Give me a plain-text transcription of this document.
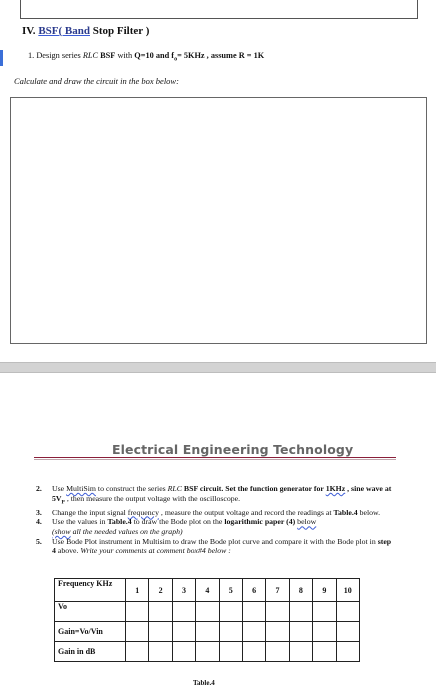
IV. BSF( Band Stop Filter )
1. Design series RLC BSF with Q=10 and $f_o= 5KHz$ , assume R = 1K
Calculate and draw the circuit in the box below:
Electrical Engineering Technology
2. Use MultiSim to construct the series RLC BSF circuit. Set the function generator for 1KHz , sine wave at $5V_P$ , then measure the output voltage with the oscilloscope.
3. Change the input signal frequency , measure the output voltage and record the readings at Table.4 below.
4. Use the values in Table.4 to draw the Bode plot on the logarithmic paper (4) below
(show all the needed values on the graph)
5. Use Bode Plot instrument in Multisim to draw the Bode plot curve and compare it with the Bode plot in step 4 above. Write your comments at comment box#4 below :
Frequency KHz	1	2	3	4	5	6	7	8	9	10
Vo										
Gain=Vo/Vin										
Gain in dB										
Table.4
